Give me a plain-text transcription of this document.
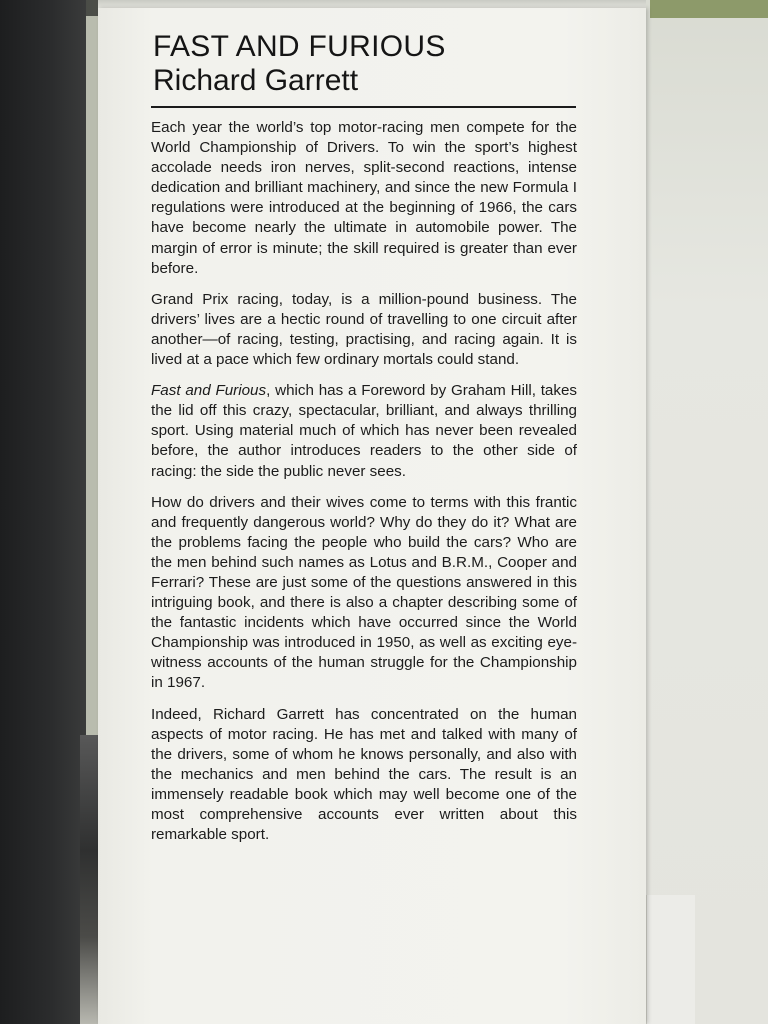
FAST AND FURIOUS
Richard Garrett

Each year the world’s top motor-racing men compete for the World Championship of Drivers. To win the sport’s highest accolade needs iron nerves, split-second reactions, intense dedication and brilliant machinery, and since the new Formula I regulations were introduced at the beginning of 1966, the cars have become nearly the ultimate in automobile power. The margin of error is minute; the skill required is greater than ever before.

Grand Prix racing, today, is a million-pound business. The drivers’ lives are a hectic round of travelling to one circuit after another—of racing, testing, practising, and racing again. It is lived at a pace which few ordinary mortals could stand.

Fast and Furious, which has a Foreword by Graham Hill, takes the lid off this crazy, spectacular, brilliant, and always thrilling sport. Using material much of which has never been revealed before, the author introduces readers to the other side of racing: the side the public never sees.

How do drivers and their wives come to terms with this frantic and frequently dangerous world? Why do they do it? What are the problems facing the people who build the cars? Who are the men behind such names as Lotus and B.R.M., Cooper and Ferrari? These are just some of the questions answered in this intriguing book, and there is also a chapter describing some of the fantastic incidents which have occurred since the World Championship was introduced in 1950, as well as exciting eye-witness accounts of the human struggle for the Championship in 1967.

Indeed, Richard Garrett has concentrated on the human aspects of motor racing. He has met and talked with many of the drivers, some of whom he knows personally, and also with the mechanics and men behind the cars. The result is an immensely readable book which may well become one of the most comprehensive accounts ever written about this remarkable sport.
